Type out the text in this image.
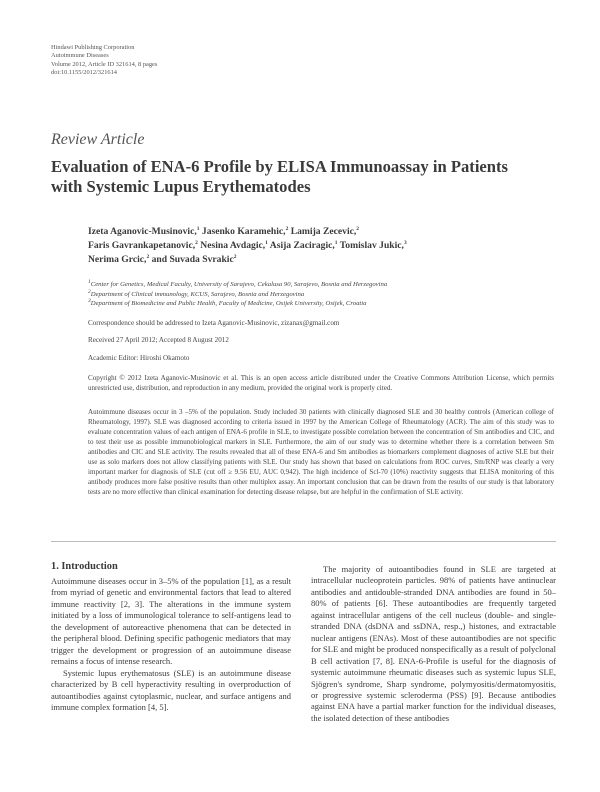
Hindawi Publishing Corporation
Autoimmune Diseases
Volume 2012, Article ID 321614, 8 pages
doi:10.1155/2012/321614
Review Article
Evaluation of ENA-6 Profile by ELISA Immunoassay in Patients with Systemic Lupus Erythematodes
Izeta Aganovic-Musinovic,$^1$ Jasenko Karamehic,$^2$ Lamija Zecevic,$^2$
Faris Gavrankapetanovic,$^2$ Nesina Avdagic,$^1$ Asija Zaciragic,$^1$ Tomislav Jukic,$^3$
Nerima Grcic,$^2$ and Suvada Svrakic$^2$
$^1$Center for Genetics, Medical Faculty, University of Sarajevo, Cekalusa 90, Sarajevo, Bosnia and Herzegovina
$^2$Department of Clinical immunology, KCUS, Sarajevo, Bosnia and Herzegovina
$^3$Department of Biomedicine and Public Health, Faculty of Medicine, Osijek University, Osijek, Croatia
Correspondence should be addressed to Izeta Aganovic-Musinovic, zizanax@gmail.com
Received 27 April 2012; Accepted 8 August 2012
Academic Editor: Hiroshi Okamoto
Copyright © 2012 Izeta Aganovic-Musinovic et al. This is an open access article distributed under the Creative Commons Attribution License, which permits unrestricted use, distribution, and reproduction in any medium, provided the original work is properly cited.
Autoimmune diseases occur in 3 –5% of the population. Study included 30 patients with clinically diagnosed SLE and 30 healthy controls (American college of Rheumatology, 1997). SLE was diagnosed according to criteria issued in 1997 by the American College of Rheumatology (ACR). The aim of this study was to evaluate concentration values of each antigen of ENA-6 profile in SLE, to investigate possible correlation between the concentration of Sm antibodies and CIC, and to test their use as possible immunobiological markers in SLE. Furthermore, the aim of our study was to determine whether there is a correlation between Sm antibodies and CIC and SLE activity. The results revealed that all of these ENA-6 and Sm antibodies as biomarkers complement diagnoses of active SLE but their use as solo markers does not allow classifying patients with SLE. Our study has shown that based on calculations from ROC curves, Sm/RNP was clearly a very important marker for diagnosis of SLE (cut off ≥ 9.56 EU, AUC 0,942). The high incidence of Scl-70 (10%) reactivity suggests that ELISA monitoring of this antibody produces more false positive results than other multiplex assay. An important conclusion that can be drawn from the results of our study is that laboratory tests are no more effective than clinical examination for detecting disease relapse, but are helpful in the confirmation of SLE activity.
1. Introduction

Autoimmune diseases occur in 3–5% of the population [1], as a result from myriad of genetic and environmental factors that lead to altered immune reactivity [2, 3]. The alterations in the immune system initiated by a loss of immunological tolerance to self-antigens lead to the development of autoreactive phenomena that can be detected in the peripheral blood. Defining specific pathogenic mediators that may trigger the development or progression of an autoimmune disease remains a focus of intense research.

Systemic lupus erythematosus (SLE) is an autoimmune disease characterized by B cell hyperactivity resulting in overproduction of autoantibodies against cytoplasmic, nuclear, and surface antigens and immune complex formation [4, 5].

The majority of autoantibodies found in SLE are targeted at intracellular nucleoprotein particles. 98% of patients have antinuclear antibodies and antidouble-stranded DNA antibodies are found in 50–80% of patients [6]. These autoantibodies are frequently targeted against intracellular antigens of the cell nucleus (double- and single- stranded DNA (dsDNA and ssDNA, resp.,) histones, and extractable nuclear antigens (ENAs). Most of these autoantibodies are not specific for SLE and might be produced nonspecifically as a result of polyclonal B cell activation [7, 8]. ENA-6-Profile is useful for the diagnosis of systemic autoimmune rheumatic diseases such as systemic lupus SLE, Sjögren's syndrome, Sharp syndrome, polymyositis/dermatomyositis, or progressive systemic scleroderma (PSS) [9]. Because antibodies against ENA have a partial marker function for the individual diseases, the isolated detection of these antibodies
